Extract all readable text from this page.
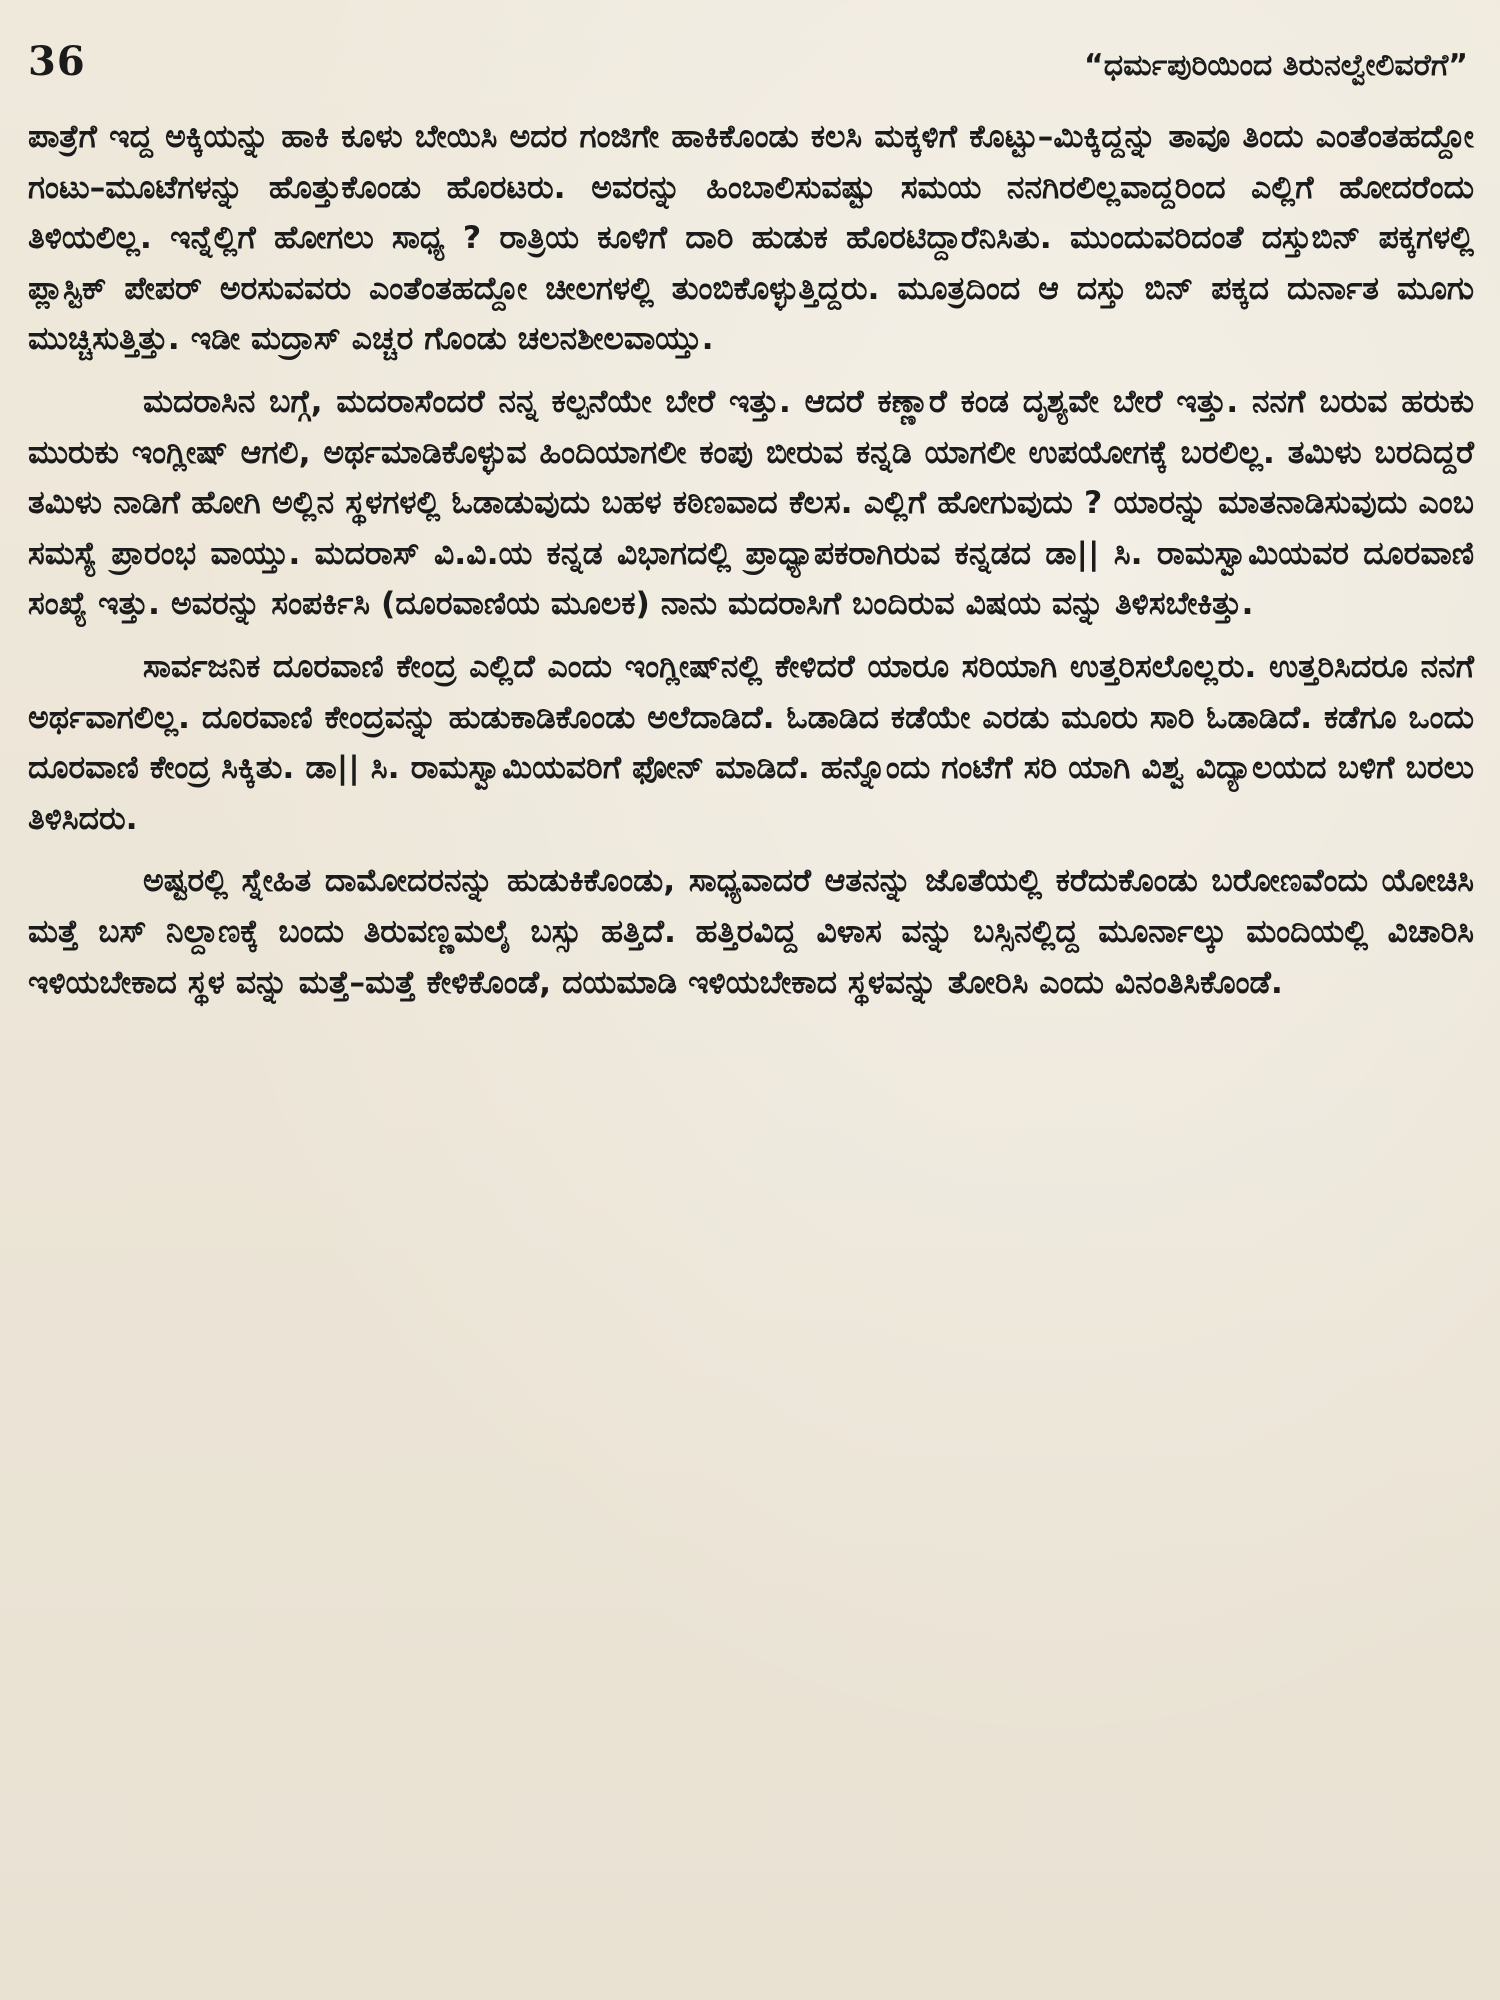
36	“ಧರ್ಮಪುರಿಯಿಂದ ತಿರುನಲ್ವೇಲಿವರೆಗೆ”

ಪಾತ್ರೆಗೆ ಇದ್ದ ಅಕ್ಕಿಯನ್ನು ಹಾಕಿ ಕೂಳು ಬೇಯಿಸಿ ಅದರ ಗಂಜಿಗೇ ಹಾಕಿಕೊಂಡು ಕಲಸಿ ಮಕ್ಕಳಿಗೆ ಕೊಟ್ಟು–ಮಿಕ್ಕಿದ್ದನ್ನು ತಾವೂ ತಿಂದು ಎಂತೆಂತಹದ್ದೋ ಗಂಟು–ಮೂಟೆಗಳನ್ನು ಹೊತ್ತುಕೊಂಡು ಹೊರಟರು. ಅವರನ್ನು ಹಿಂಬಾಲಿಸುವಷ್ಟು ಸಮಯ ನನಗಿರಲಿಲ್ಲವಾದ್ದರಿಂದ ಎಲ್ಲಿಗೆ ಹೋದರೆಂದು ತಿಳಿಯಲಿಲ್ಲ. ಇನ್ನೆಲ್ಲಿಗೆ ಹೋಗಲು ಸಾಧ್ಯ ? ರಾತ್ರಿಯ ಕೂಳಿಗೆ ದಾರಿ ಹುಡುಕ ಹೊರಟಿದ್ದಾರೆನಿಸಿತು. ಮುಂದುವರಿದಂತೆ ದಸ್ತುಬಿನ್ ಪಕ್ಕಗಳಲ್ಲಿ ಪ್ಲಾಸ್ಟಿಕ್ ಪೇಪರ್ ಅರಸುವವರು ಎಂತೆಂತಹದ್ದೋ ಚೀಲಗಳಲ್ಲಿ ತುಂಬಿಕೊಳ್ಳುತ್ತಿದ್ದರು. ಮೂತ್ರದಿಂದ ಆ ದಸ್ತು ಬಿನ್ ಪಕ್ಕದ ದುರ್ನಾತ ಮೂಗು ಮುಚ್ಚಿಸುತ್ತಿತ್ತು. ಇಡೀ ಮದ್ರಾಸ್ ಎಚ್ಚರ ಗೊಂಡು ಚಲನಶೀಲವಾಯ್ತು.

ಮದರಾಸಿನ ಬಗ್ಗೆ, ಮದರಾಸೆಂದರೆ ನನ್ನ ಕಲ್ಪನೆಯೇ ಬೇರೆ ಇತ್ತು. ಆದರೆ ಕಣ್ಣಾರೆ ಕಂಡ ದೃಶ್ಯವೇ ಬೇರೆ ಇತ್ತು. ನನಗೆ ಬರುವ ಹರುಕು ಮುರುಕು ಇಂಗ್ಲೀಷ್ ಆಗಲಿ, ಅರ್ಥಮಾಡಿಕೊಳ್ಳುವ ಹಿಂದಿಯಾಗಲೀ ಕಂಪು ಬೀರುವ ಕನ್ನಡಿ ಯಾಗಲೀ ಉಪಯೋಗಕ್ಕೆ ಬರಲಿಲ್ಲ. ತಮಿಳು ಬರದಿದ್ದರೆ ತಮಿಳು ನಾಡಿಗೆ ಹೋಗಿ ಅಲ್ಲಿನ ಸ್ಥಳಗಳಲ್ಲಿ ಓಡಾಡುವುದು ಬಹಳ ಕಠಿಣವಾದ ಕೆಲಸ. ಎಲ್ಲಿಗೆ ಹೋಗುವುದು ? ಯಾರನ್ನು ಮಾತನಾಡಿಸುವುದು ಎಂಬ ಸಮಸ್ಯೆ ಪ್ರಾರಂಭ ವಾಯ್ತು. ಮದರಾಸ್ ವಿ.ವಿ.ಯ ಕನ್ನಡ ವಿಭಾಗದಲ್ಲಿ ಪ್ರಾಧ್ಯಾಪಕರಾಗಿರುವ ಕನ್ನಡದ ಡಾ|| ಸಿ. ರಾಮಸ್ವಾಮಿಯವರ ದೂರವಾಣಿ ಸಂಖ್ಯೆ ಇತ್ತು. ಅವರನ್ನು ಸಂಪರ್ಕಿಸಿ (ದೂರವಾಣಿಯ ಮೂಲಕ) ನಾನು ಮದರಾಸಿಗೆ ಬಂದಿರುವ ವಿಷಯ ವನ್ನು ತಿಳಿಸಬೇಕಿತ್ತು.

ಸಾರ್ವಜನಿಕ ದೂರವಾಣಿ ಕೇಂದ್ರ ಎಲ್ಲಿದೆ ಎಂದು ಇಂಗ್ಲೀಷ್‌ನಲ್ಲಿ ಕೇಳಿದರೆ ಯಾರೂ ಸರಿಯಾಗಿ ಉತ್ತರಿಸಲೊಲ್ಲರು. ಉತ್ತರಿಸಿದರೂ ನನಗೆ ಅರ್ಥವಾಗಲಿಲ್ಲ. ದೂರವಾಣಿ ಕೇಂದ್ರವನ್ನು ಹುಡುಕಾಡಿಕೊಂಡು ಅಲೆದಾಡಿದೆ. ಓಡಾಡಿದ ಕಡೆಯೇ ಎರಡು ಮೂರು ಸಾರಿ ಓಡಾಡಿದೆ. ಕಡೆಗೂ ಒಂದು ದೂರವಾಣಿ ಕೇಂದ್ರ ಸಿಕ್ಕಿತು. ಡಾ|| ಸಿ. ರಾಮಸ್ವಾಮಿಯವರಿಗೆ ಫೋನ್ ಮಾಡಿದೆ. ಹನ್ನೊಂದು ಗಂಟೆಗೆ ಸರಿ ಯಾಗಿ ವಿಶ್ವ ವಿದ್ಯಾಲಯದ ಬಳಿಗೆ ಬರಲು ತಿಳಿಸಿದರು.

ಅಷ್ಟರಲ್ಲಿ ಸ್ನೇಹಿತ ದಾಮೋದರನನ್ನು ಹುಡುಕಿಕೊಂಡು, ಸಾಧ್ಯವಾದರೆ ಆತನನ್ನು ಜೊತೆಯಲ್ಲಿ ಕರೆದುಕೊಂಡು ಬರೋಣವೆಂದು ಯೋಚಿಸಿ ಮತ್ತೆ ಬಸ್ ನಿಲ್ದಾಣಕ್ಕೆ ಬಂದು ತಿರುವಣ್ಣಮಲೈ ಬಸ್ಸು ಹತ್ತಿದೆ. ಹತ್ತಿರವಿದ್ದ ವಿಳಾಸ ವನ್ನು ಬಸ್ಸಿನಲ್ಲಿದ್ದ ಮೂರ್ನಾಲ್ಕು ಮಂದಿಯಲ್ಲಿ ವಿಚಾರಿಸಿ ಇಳಿಯಬೇಕಾದ ಸ್ಥಳ ವನ್ನು ಮತ್ತೆ–ಮತ್ತೆ ಕೇಳಿಕೊಂಡೆ, ದಯಮಾಡಿ ಇಳಿಯಬೇಕಾದ ಸ್ಥಳವನ್ನು ತೋರಿಸಿ ಎಂದು ವಿನಂತಿಸಿಕೊಂಡೆ.
